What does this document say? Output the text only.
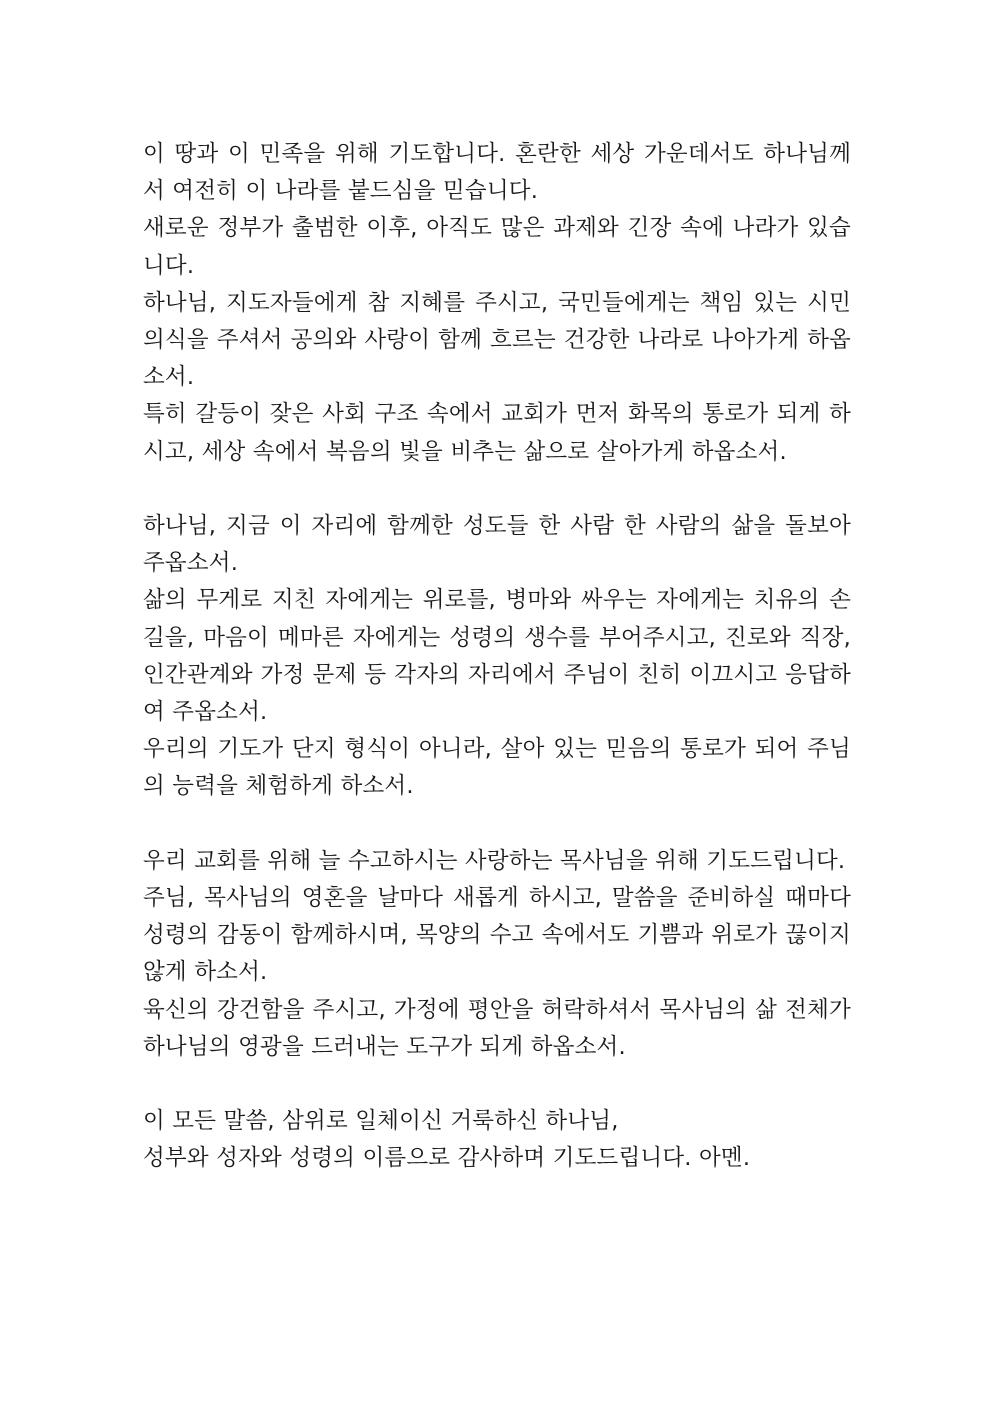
이 땅과 이 민족을 위해 기도합니다. 혼란한 세상 가운데서도 하나님께서 여전히 이 나라를 붙드심을 믿습니다.

새로운 정부가 출범한 이후, 아직도 많은 과제와 긴장 속에 나라가 있습니다.

하나님, 지도자들에게 참 지혜를 주시고, 국민들에게는 책임 있는 시민의식을 주셔서 공의와 사랑이 함께 흐르는 건강한 나라로 나아가게 하옵소서.

특히 갈등이 잦은 사회 구조 속에서 교회가 먼저 화목의 통로가 되게 하시고, 세상 속에서 복음의 빛을 비추는 삶으로 살아가게 하옵소서.

하나님, 지금 이 자리에 함께한 성도들 한 사람 한 사람의 삶을 돌보아 주옵소서.

삶의 무게로 지친 자에게는 위로를, 병마와 싸우는 자에게는 치유의 손길을, 마음이 메마른 자에게는 성령의 생수를 부어주시고, 진로와 직장, 인간관계와 가정 문제 등 각자의 자리에서 주님이 친히 이끄시고 응답하여 주옵소서.

우리의 기도가 단지 형식이 아니라, 살아 있는 믿음의 통로가 되어 주님의 능력을 체험하게 하소서.

우리 교회를 위해 늘 수고하시는 사랑하는 목사님을 위해 기도드립니다.

주님, 목사님의 영혼을 날마다 새롭게 하시고, 말씀을 준비하실 때마다 성령의 감동이 함께하시며, 목양의 수고 속에서도 기쁨과 위로가 끊이지 않게 하소서.

육신의 강건함을 주시고, 가정에 평안을 허락하셔서 목사님의 삶 전체가 하나님의 영광을 드러내는 도구가 되게 하옵소서.

이 모든 말씀, 삼위로 일체이신 거룩하신 하나님,

성부와 성자와 성령의 이름으로 감사하며 기도드립니다. 아멘.
